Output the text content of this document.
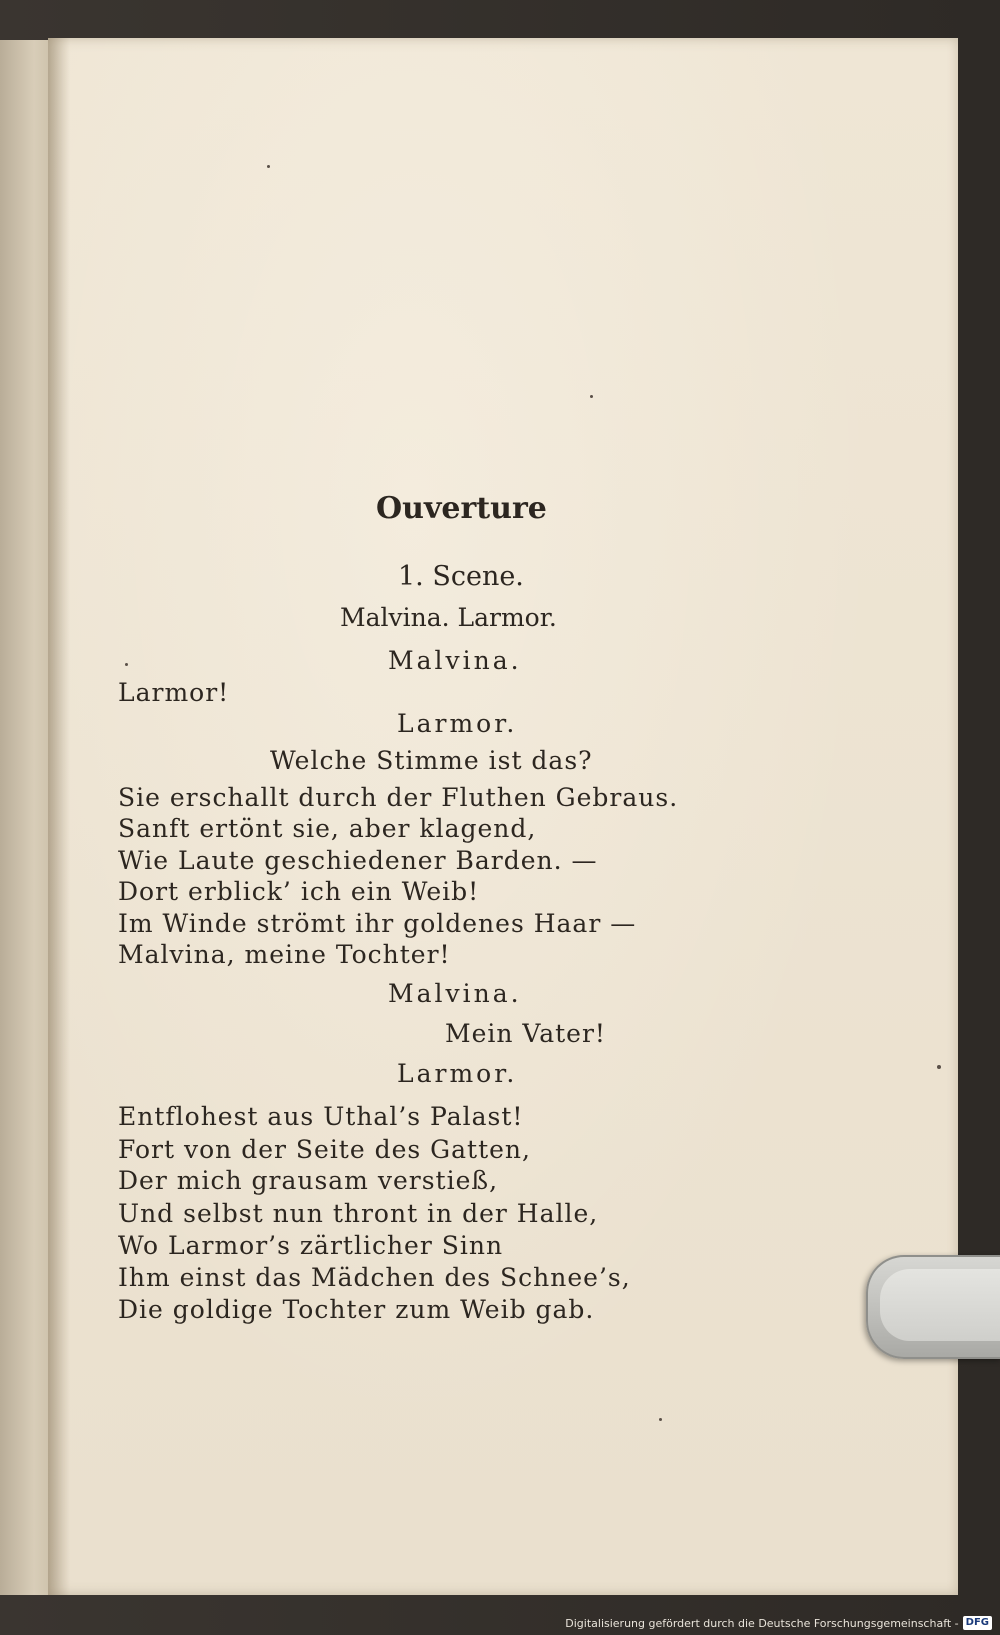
Ouverture
1. Scene.
Malvina. Larmor.
Malvina.
Larmor!
Larmor.
Welche Stimme ist das?
Sie erschallt durch der Fluthen Gebraus.
Sanft ertönt sie, aber klagend,
Wie Laute geschiedener Barden. —
Dort erblick’ ich ein Weib!
Im Winde strömt ihr goldenes Haar —
Malvina, meine Tochter!
Malvina.
Mein Vater!
Larmor.
Entflohest aus Uthal’s Palast!
Fort von der Seite des Gatten,
Der mich grausam verstieß,
Und selbst nun thront in der Halle,
Wo Larmor’s zärtlicher Sinn
Ihm einst das Mädchen des Schnee’s,
Die goldige Tochter zum Weib gab.
Digitalisierung gefördert durch die Deutsche Forschungsgemeinschaft - DFG
